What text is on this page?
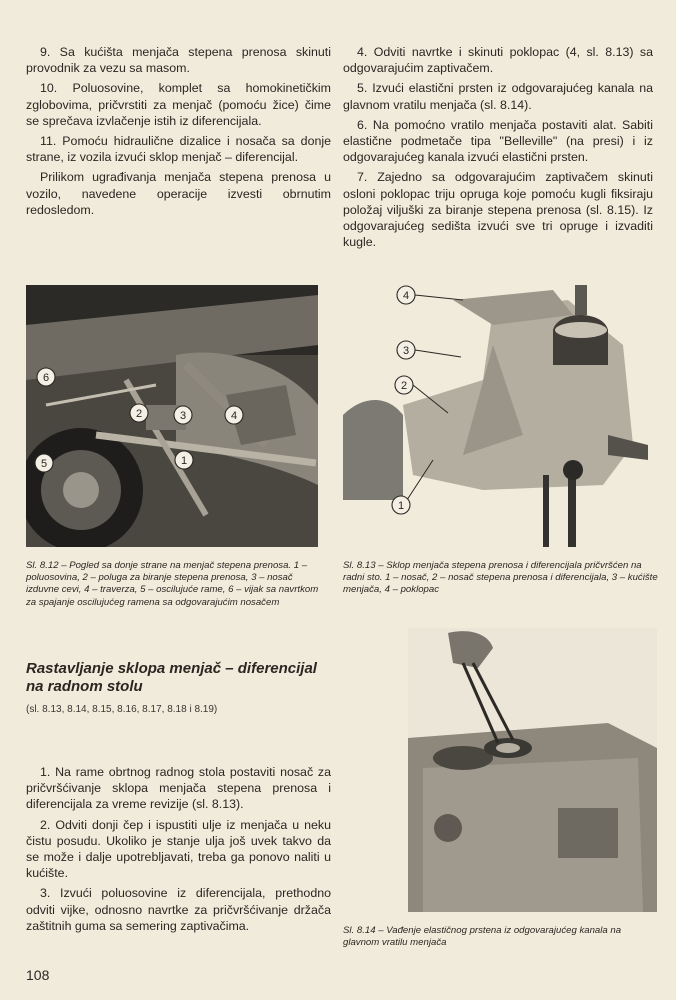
9. Sa kućišta menjača stepena prenosa skinuti provodnik za vezu sa masom.

10. Poluosovine, komplet sa homokinetičkim zglobovima, pričvrstiti za menjač (pomoću žice) čime se sprečava izvlačenje istih iz diferencijala.

11. Pomoću hidraulične dizalice i nosača sa donje strane, iz vozila izvući sklop menjač – diferencijal.

Prilikom ugrađivanja menjača stepena prenosa u vozilo, navedene operacije izvesti obrnutim redosledom.

4. Odviti navrtke i skinuti poklopac (4, sl. 8.13) sa odgovarajućim zaptivačem.

5. Izvući elastični prsten iz odgovarajućeg kanala na glavnom vratilu menjača (sl. 8.14).

6. Na pomoćno vratilo menjača postaviti alat. Sabiti elastične podmetače tipa "Belleville" (na presi) i iz odgovarajućeg kanala izvući elastični prsten.

7. Zajedno sa odgovarajućim zaptivačem skinuti osloni poklopac triju opruga koje pomoću kugli fiksiraju položaj viljuški za biranje stepena prenosa (sl. 8.15). Iz odgovarajućeg sedišta izvući sve tri opruge i izvaditi kugle.

6
2	3	4
5	1
4
3
2
1
Sl. 8.12 – Pogled sa donje strane na menjač stepena prenosa. 1 – poluosovina, 2 – poluga za biranje stepena prenosa, 3 – nosač izduvne cevi, 4 – traverza, 5 – oscilujuće rame, 6 – vijak sa navrtkom za spajanje oscilujućeg ramena sa odgovarajućim nosačem
Sl. 8.13 – Sklop menjača stepena prenosa i diferencijala pričvršćen na radni sto. 1 – nosač, 2 – nosač stepena prenosa i diferencijala, 3 – kućište menjača, 4 – poklopac
Rastavljanje sklopa menjač – diferencijal na radnom stolu
(sl. 8.13, 8.14, 8.15, 8.16, 8.17, 8.18 i 8.19)
Sl. 8.14 – Vađenje elastičnog prstena iz odgovarajućeg kanala na glavnom vratilu menjača

1. Na rame obrtnog radnog stola postaviti nosač za pričvršćivanje sklopa menjača stepena prenosa i diferencijala za vreme revizije (sl. 8.13).

2. Odviti donji čep i ispustiti ulje iz menjača u neku čistu posudu. Ukoliko je stanje ulja još uvek takvo da se može i dalje upotrebljavati, treba ga ponovo naliti u kućište.

3. Izvući poluosovine iz diferencijala, prethodno odviti vijke, odnosno navrtke za pričvršćivanje držača zaštitnih guma sa semering zaptivačima.

108
